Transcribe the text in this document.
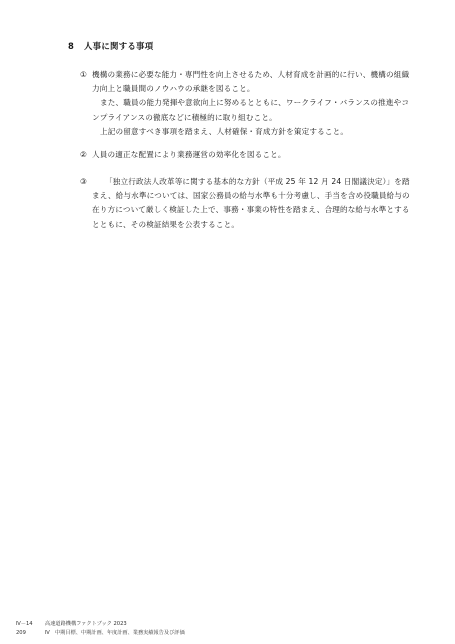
8 人事に関する事項
① 機構の業務に必要な能力・専門性を向上させるため、人材育成を計画的に行い、機構の組織力向上と職員間のノウハウの承継を図ること。

また、職員の能力発揮や意欲向上に努めるとともに、ワークライフ・バランスの推進やコンプライアンスの徹底などに積極的に取り組むこと。

上記の留意すべき事項を踏まえ、人材確保・育成方針を策定すること。

② 人員の適正な配置により業務運営の効率化を図ること。

③	「独立行政法人改革等に関する基本的な方針（平成 25 年 12 月 24 日閣議決定）」を踏まえ、給与水準については、国家公務員の給与水準も十分考慮し、手当を含め役職員給与の在り方について厳しく検証した上で、事務・事業の特性を踏まえ、合理的な給与水準とするとともに、その検証結果を公表すること。

Ⅳ－14	高速道路機構ファクトブック 2023
209	Ⅳ　中期目標、中期計画、年度計画、業務実績報告及び評価
